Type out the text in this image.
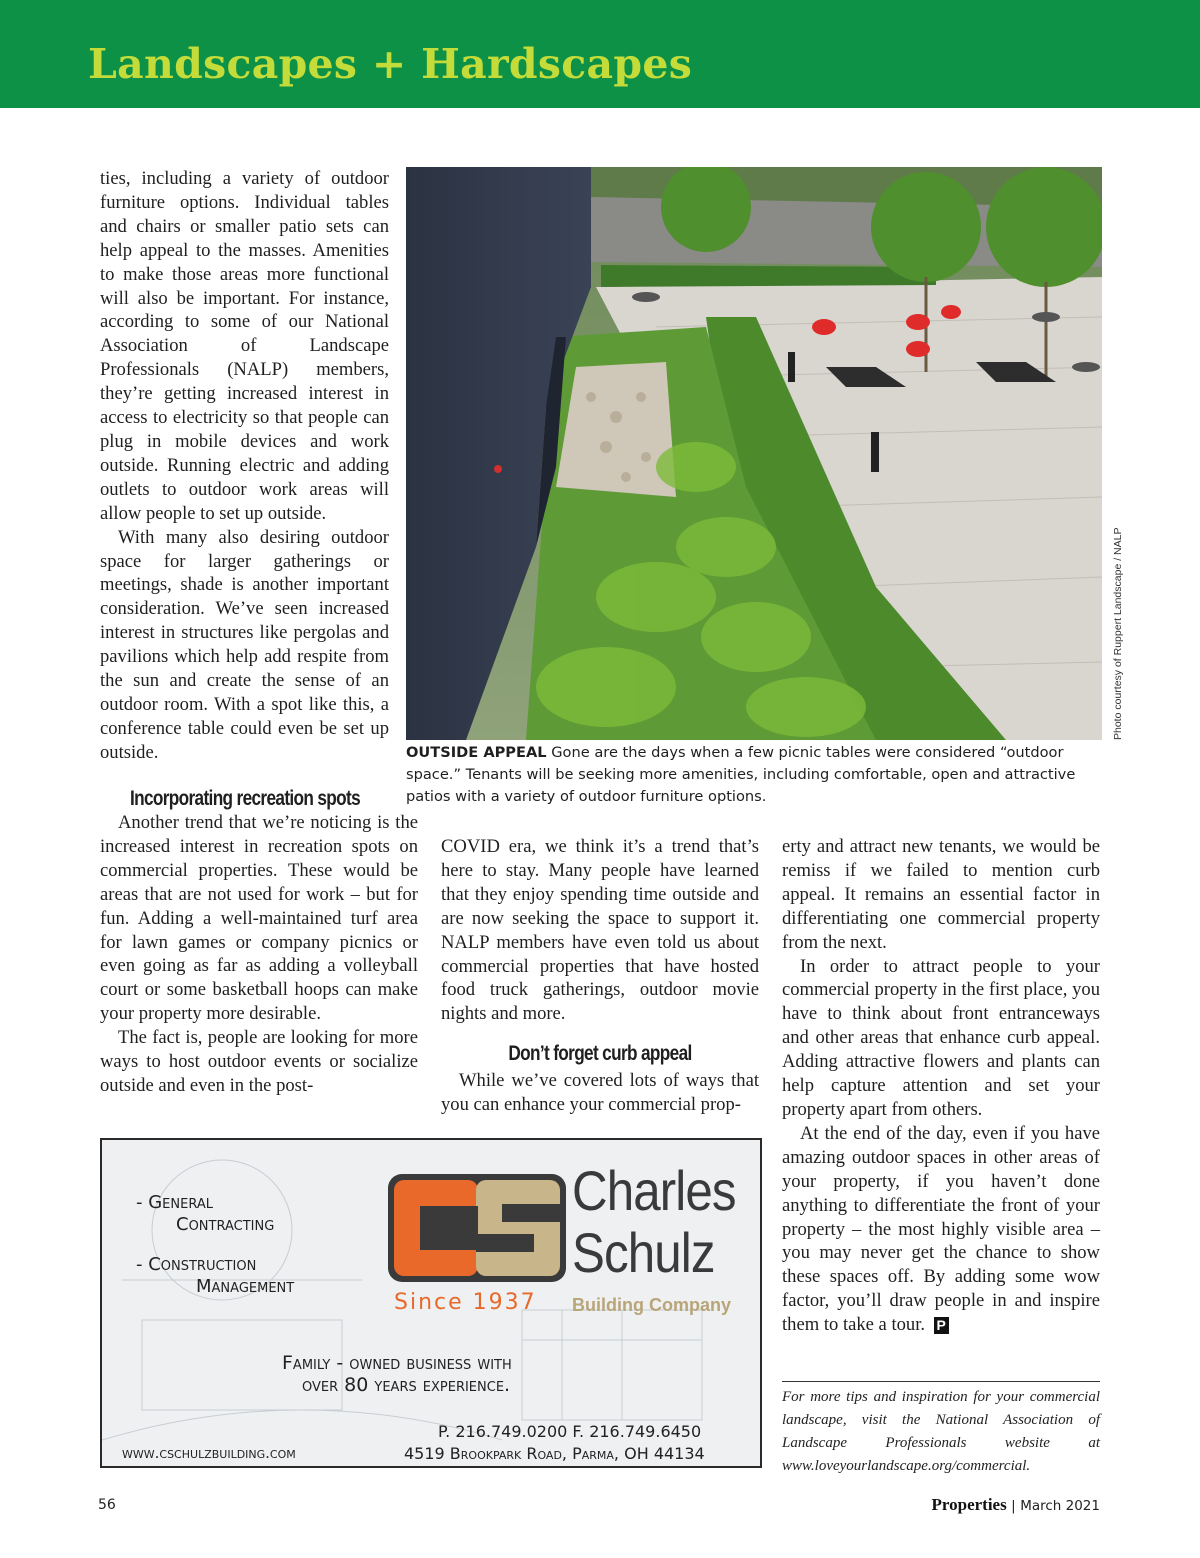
Landscapes + Hardscapes

ties, including a variety of outdoor furniture options. Individual tables and chairs or smaller patio sets can help appeal to the masses. Amenities to make those areas more functional will also be important. For instance, according to some of our National Association of Landscape Professionals (NALP) members, they’re getting increased interest in access to electricity so that people can plug in mobile devices and work outside. Running electric and adding outlets to outdoor work areas will allow people to set up outside.

With many also desiring outdoor space for larger gatherings or meetings, shade is another important consideration. We’ve seen increased interest in structures like pergolas and pavilions which help add respite from the sun and create the sense of an outdoor room. With a spot like this, a conference table could even be set up outside.

Incorporating recreation spots

Another trend that we’re noticing is the increased interest in recreation spots on commercial properties. These would be areas that are not used for work – but for fun. Adding a well-maintained turf area for lawn games or company picnics or even going as far as adding a volleyball court or some basketball hoops can make your property more desirable.

The fact is, people are looking for more ways to host outdoor events or socialize outside and even in the post-

COVID era, we think it’s a trend that’s here to stay. Many people have learned that they enjoy spending time outside and are now seeking the space to support it. NALP members have even told us about commercial properties that have hosted food truck gatherings, outdoor movie nights and more.

Don’t forget curb appeal

While we’ve covered lots of ways that you can enhance your commercial prop-

erty and attract new tenants, we would be remiss if we failed to mention curb appeal. It remains an essential factor in differentiating one commercial property from the next.

In order to attract people to your commercial property in the first place, you have to think about front entranceways and other areas that enhance curb appeal. Adding attractive flowers and plants can help capture attention and set your property apart from others.

At the end of the day, even if you have amazing outdoor spaces in other areas of your property, if you haven’t done anything to differentiate the front of your property – the most highly visible area – you may never get the chance to show these spaces off. By adding some wow factor, you’ll draw people in and inspire them to take a tour. P

Photo courtesy of Ruppert Landscape / NALP
OUTSIDE APPEAL Gone are the days when a few picnic tables were considered “outdoor space.” Tenants will be seeking more amenities, including comfortable, open and attractive patios with a variety of outdoor furniture options.
- General
Contracting
- Construction
Management
Charles
Schulz
Since 1937 Building Company
Family - owned business with
over 80 years experience.
P. 216.749.0200 F. 216.749.6450
www.cschulzbuilding.com	4519 Brookpark Road, Parma, OH 44134
For more tips and inspiration for your commercial landscape, visit the National Association of Landscape Professionals website at www.loveyourlandscape.org/commercial.
56	Properties | March 2021
